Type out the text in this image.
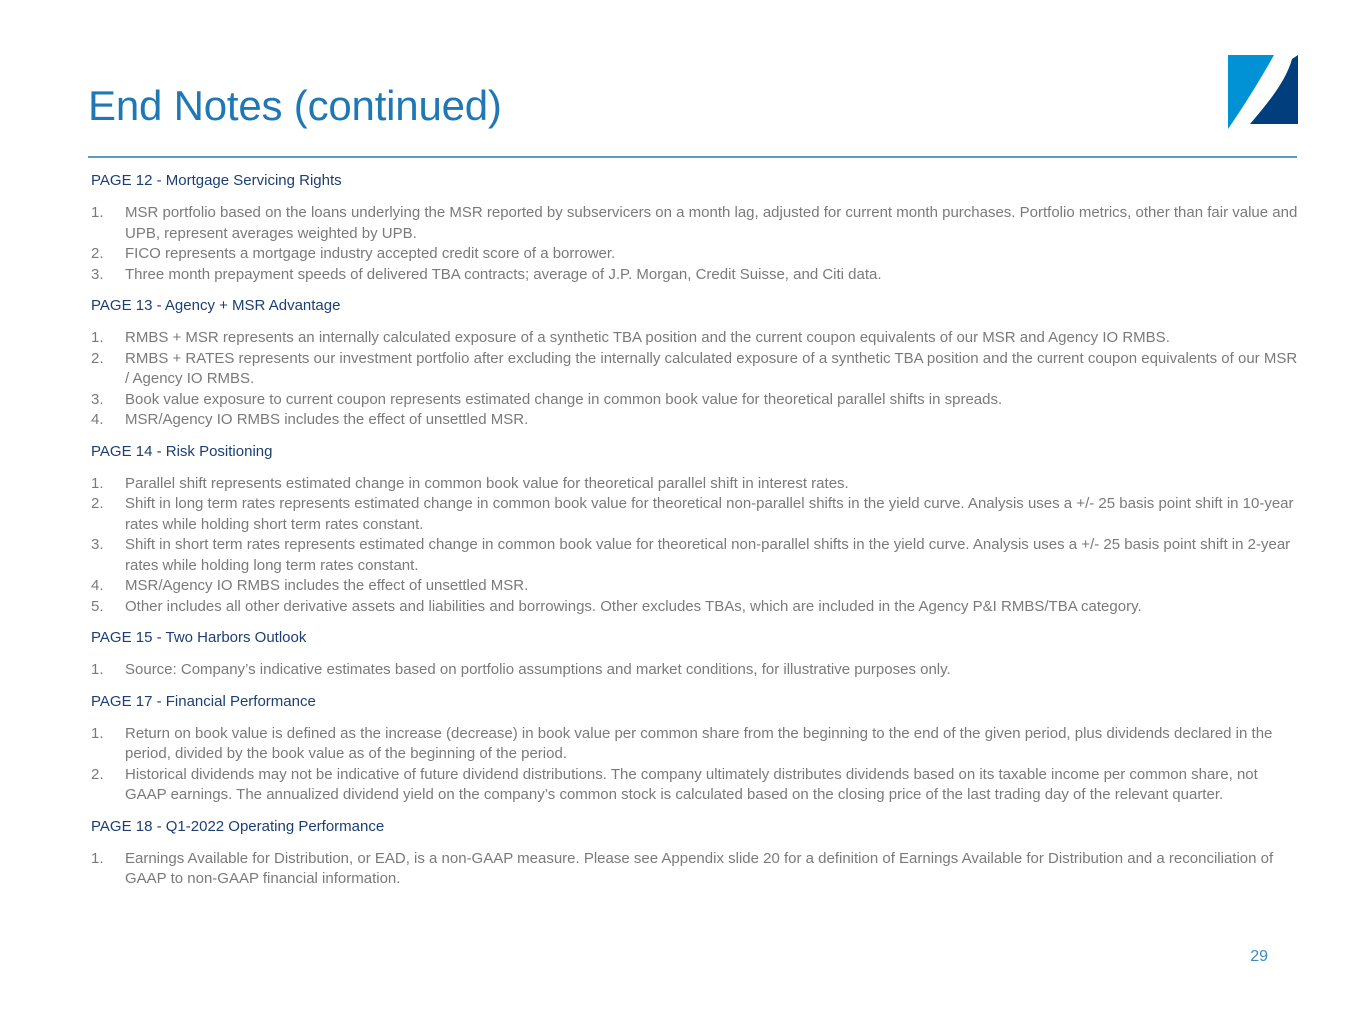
End Notes (continued)
PAGE 12 - Mortgage Servicing Rights
1.	MSR portfolio based on the loans underlying the MSR reported by subservicers on a month lag, adjusted for current month purchases. Portfolio metrics, other than fair value and UPB, represent averages weighted by UPB.
2.	FICO represents a mortgage industry accepted credit score of a borrower.
3.	Three month prepayment speeds of delivered TBA contracts; average of J.P. Morgan, Credit Suisse, and Citi data.
PAGE 13 - Agency + MSR Advantage
1.	RMBS + MSR represents an internally calculated exposure of a synthetic TBA position and the current coupon equivalents of our MSR and Agency IO RMBS.
2.	RMBS + RATES represents our investment portfolio after excluding the internally calculated exposure of a synthetic TBA position and the current coupon equivalents of our MSR / Agency IO RMBS.
3.	Book value exposure to current coupon represents estimated change in common book value for theoretical parallel shifts in spreads.
4.	MSR/Agency IO RMBS includes the effect of unsettled MSR.
PAGE 14 - Risk Positioning
1.	Parallel shift represents estimated change in common book value for theoretical parallel shift in interest rates.
2.	Shift in long term rates represents estimated change in common book value for theoretical non-parallel shifts in the yield curve. Analysis uses a +/- 25 basis point shift in 10-year rates while holding short term rates constant.
3.	Shift in short term rates represents estimated change in common book value for theoretical non-parallel shifts in the yield curve. Analysis uses a +/- 25 basis point shift in 2-year rates while holding long term rates constant.
4.	MSR/Agency IO RMBS includes the effect of unsettled MSR.
5.	Other includes all other derivative assets and liabilities and borrowings. Other excludes TBAs, which are included in the Agency P&I RMBS/TBA category.
PAGE 15 - Two Harbors Outlook
1.	Source: Company’s indicative estimates based on portfolio assumptions and market conditions, for illustrative purposes only.
PAGE 17 - Financial Performance
1.	Return on book value is defined as the increase (decrease) in book value per common share from the beginning to the end of the given period, plus dividends declared in the period, divided by the book value as of the beginning of the period.
2.	Historical dividends may not be indicative of future dividend distributions. The company ultimately distributes dividends based on its taxable income per common share, not GAAP earnings. The annualized dividend yield on the company’s common stock is calculated based on the closing price of the last trading day of the relevant quarter.
PAGE 18 - Q1-2022 Operating Performance
1.	Earnings Available for Distribution, or EAD, is a non-GAAP measure. Please see Appendix slide 20 for a definition of Earnings Available for Distribution and a reconciliation of GAAP to non-GAAP financial information.
29
